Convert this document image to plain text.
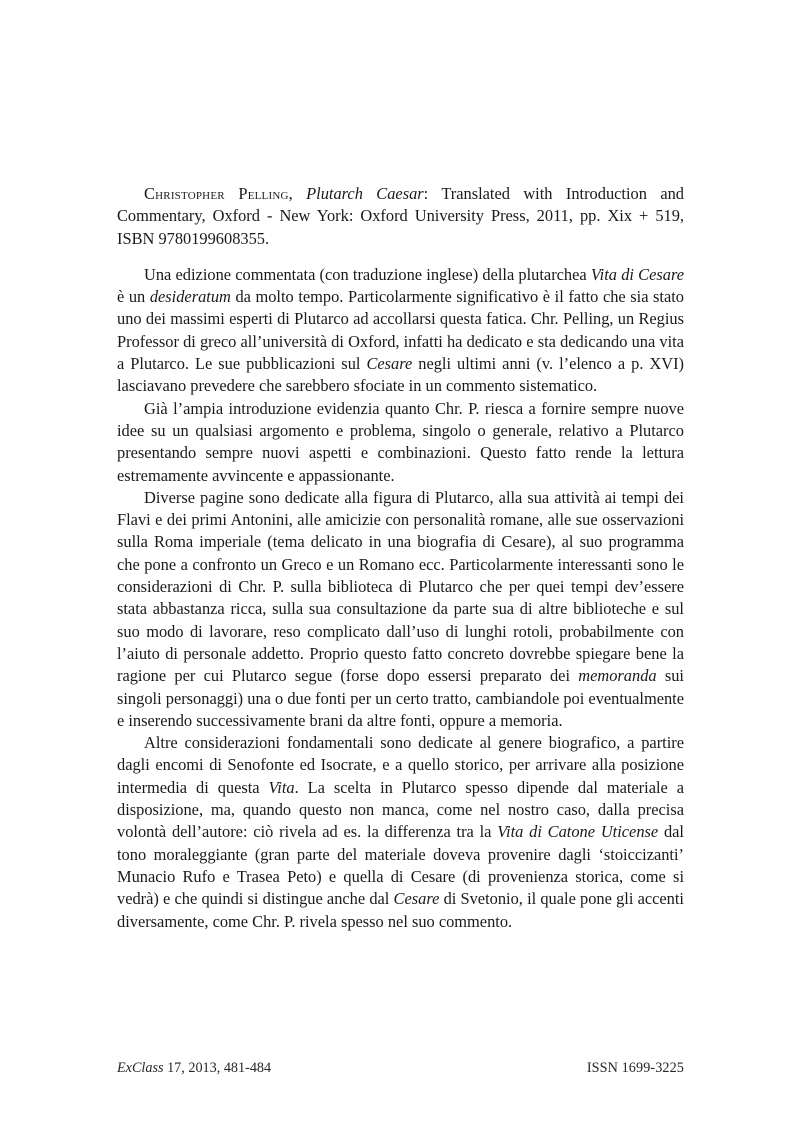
Christopher Pelling, Plutarch Caesar: Translated with Introduction and Commentary, Oxford - New York: Oxford University Press, 2011, pp. Xix + 519, ISBN 9780199608355.

Una edizione commentata (con traduzione inglese) della plutarchea Vita di Cesare è un desideratum da molto tempo. Particolarmente significativo è il fatto che sia stato uno dei massimi esperti di Plutarco ad accollarsi questa fatica. Chr. Pelling, un Regius Professor di greco all’università di Oxford, infatti ha dedicato e sta dedicando una vita a Plutarco. Le sue pubblicazioni sul Cesare negli ultimi anni (v. l’elenco a p. XVI) lasciavano prevedere che sarebbero sfociate in un commento sistematico.

Già l’ampia introduzione evidenzia quanto Chr. P. riesca a fornire sempre nuove idee su un qualsiasi argomento e problema, singolo o generale, relativo a Plutarco presentando sempre nuovi aspetti e combinazioni. Questo fatto rende la lettura estremamente avvincente e appassionante.

Diverse pagine sono dedicate alla figura di Plutarco, alla sua attività ai tempi dei Flavi e dei primi Antonini, alle amicizie con personalità romane, alle sue osservazioni sulla Roma imperiale (tema delicato in una biografia di Cesare), al suo programma che pone a confronto un Greco e un Romano ecc. Particolarmente interessanti sono le considerazioni di Chr. P. sulla biblioteca di Plutarco che per quei tempi dev’essere stata abbastanza ricca, sulla sua consultazione da parte sua di altre biblioteche e sul suo modo di lavorare, reso complicato dall’uso di lunghi rotoli, probabilmente con l’aiuto di personale addetto. Proprio questo fatto concreto dovrebbe spiegare bene la ragione per cui Plutarco segue (forse dopo essersi preparato dei memoranda sui singoli personaggi) una o due fonti per un certo tratto, cambiandole poi eventualmente e inserendo successivamente brani da altre fonti, oppure a memoria.

Altre considerazioni fondamentali sono dedicate al genere biografico, a partire dagli encomi di Senofonte ed Isocrate, e a quello storico, per arrivare alla posizione intermedia di questa Vita. La scelta in Plutarco spesso dipende dal materiale a disposizione, ma, quando questo non manca, come nel nostro caso, dalla precisa volontà dell’autore: ciò rivela ad es. la differenza tra la Vita di Catone Uticense dal tono moraleggiante (gran parte del materiale doveva provenire dagli ‘stoiccizanti’ Munacio Rufo e Trasea Peto) e quella di Cesare (di provenienza storica, come si vedrà) e che quindi si distingue anche dal Cesare di Svetonio, il quale pone gli accenti diversamente, come Chr. P. rivela spesso nel suo commento.

ExClass 17, 2013, 481-484	ISSN 1699-3225
